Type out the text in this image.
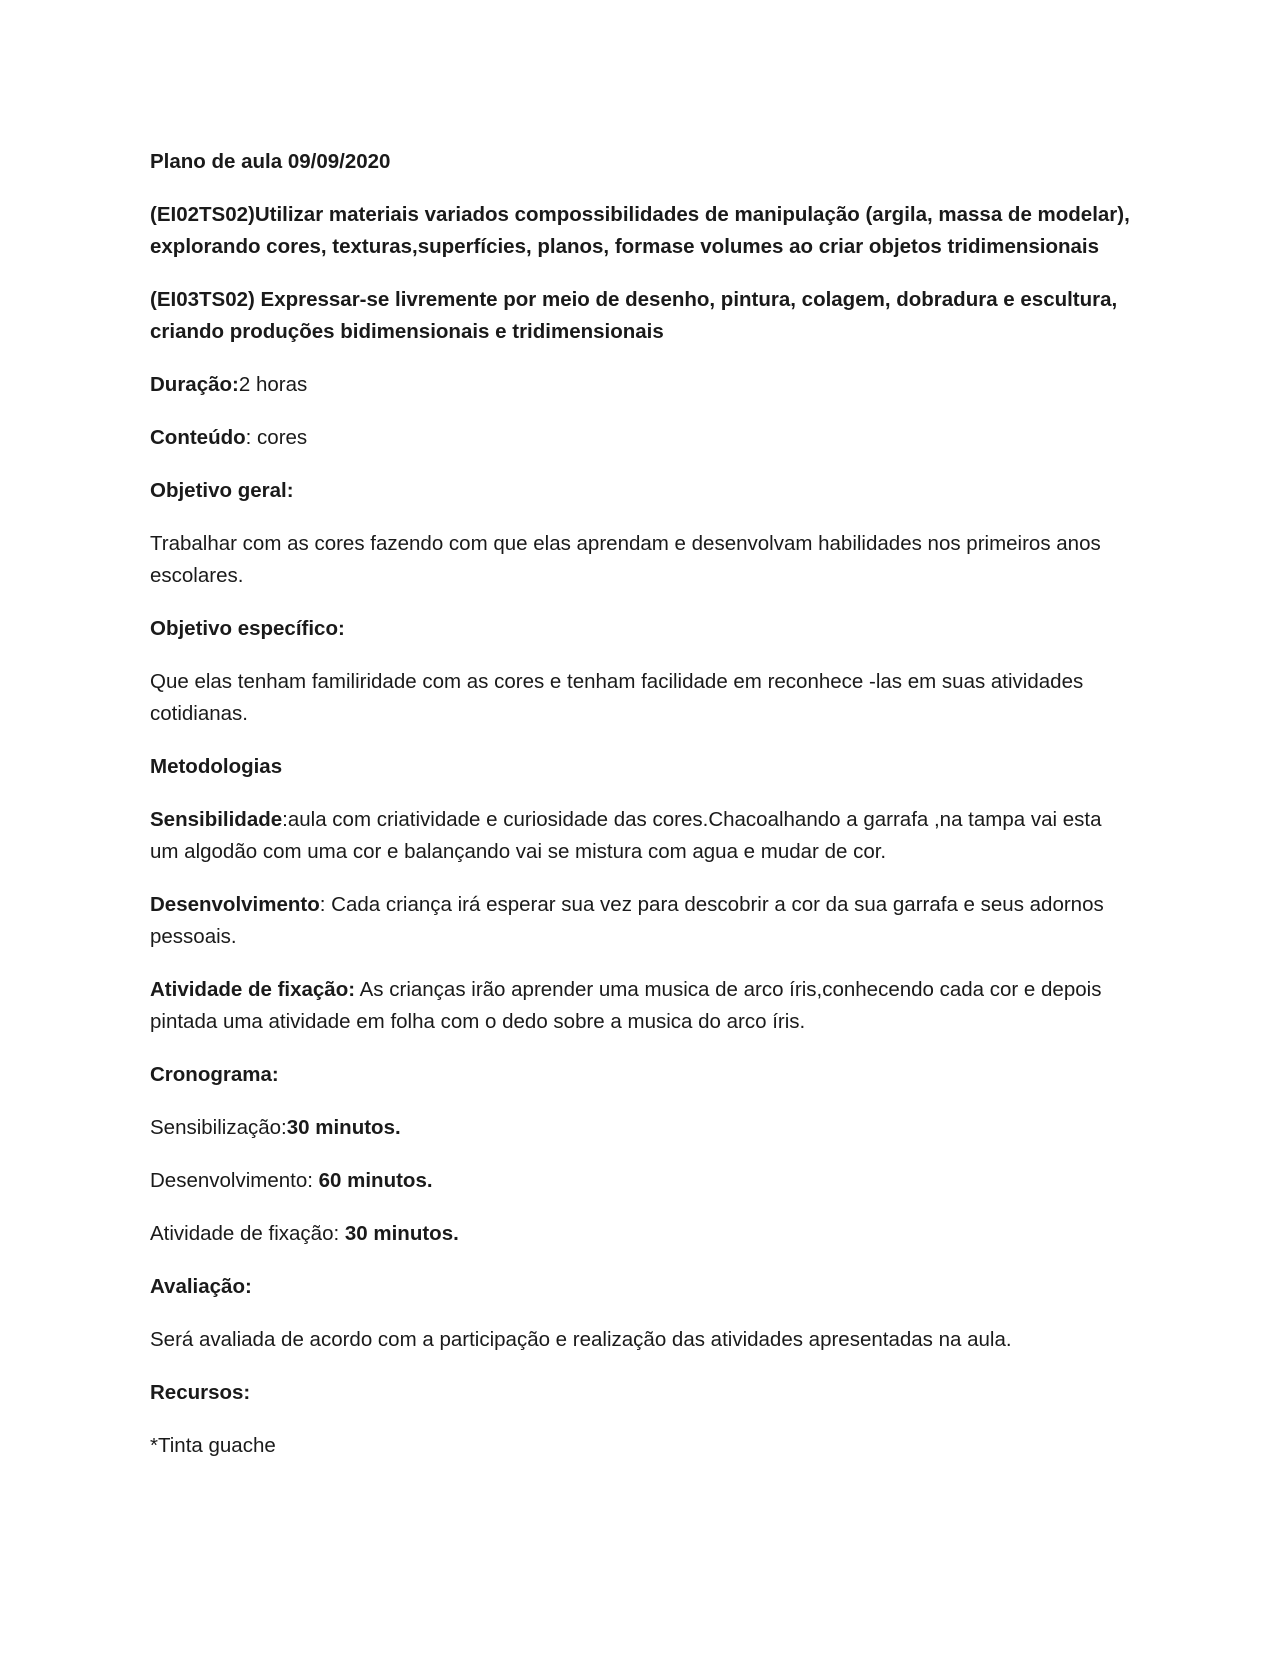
Plano de aula 09/09/2020

(EI02TS02)Utilizar materiais variados compossibilidades de manipulação (argila, massa de modelar), explorando cores, texturas,superfícies, planos, formase volumes ao criar objetos tridimensionais

(EI03TS02) Expressar-se livremente por meio de desenho, pintura, colagem, dobradura e escultura, criando produções bidimensionais e tridimensionais

Duração:2 horas

Conteúdo: cores

Objetivo geral:

Trabalhar com as cores fazendo com que elas aprendam e desenvolvam habilidades nos primeiros anos escolares.

Objetivo específico:

Que elas tenham familiridade com as cores e tenham facilidade em reconhece -las em suas atividades cotidianas.

Metodologias

Sensibilidade:aula com criatividade e curiosidade das cores.Chacoalhando a garrafa ,na tampa vai esta um algodão com uma cor e balançando vai se mistura com agua e mudar de cor.

Desenvolvimento: Cada criança irá esperar sua vez para descobrir a cor da sua garrafa e seus adornos pessoais.

Atividade de fixação: As crianças irão aprender uma musica de arco íris,conhecendo cada cor e depois pintada uma atividade em folha com o dedo sobre a musica do arco íris.

Cronograma:

Sensibilização:30 minutos.

Desenvolvimento: 60 minutos.

Atividade de fixação: 30 minutos.

Avaliação:

Será avaliada de acordo com a participação e realização das atividades apresentadas na aula.

Recursos:

*Tinta guache
